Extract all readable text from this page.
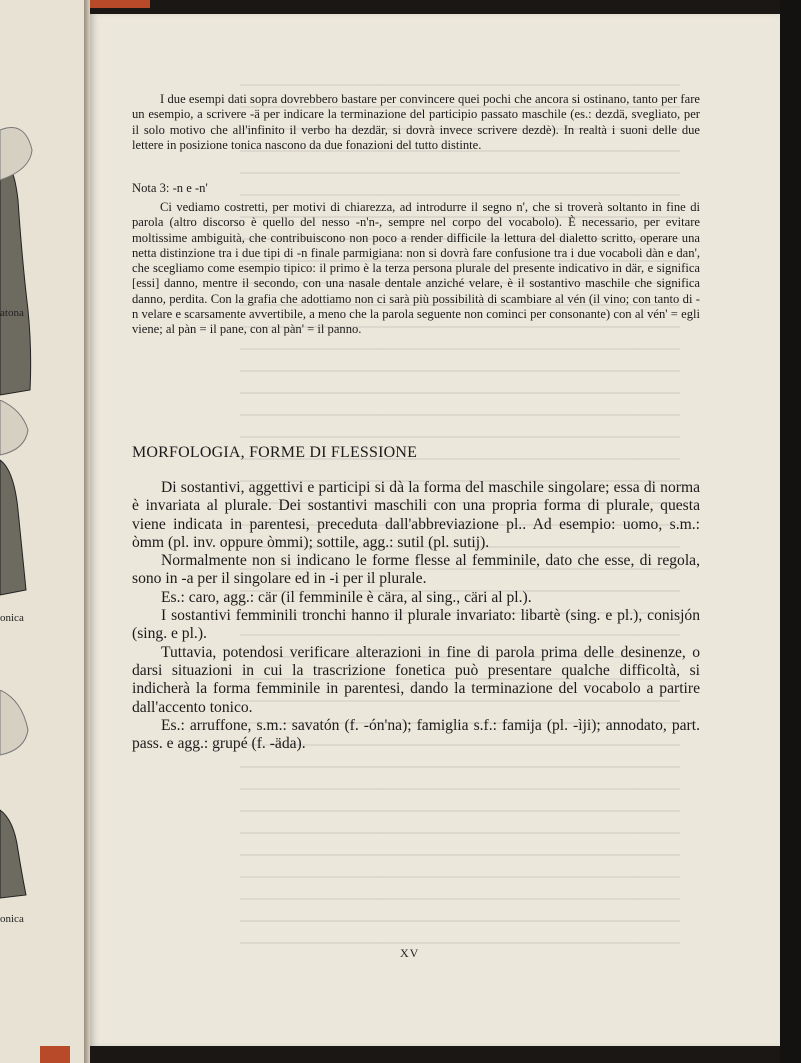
atona
onica
onica
I due esempi dati sopra dovrebbero bastare per convincere quei pochi che ancora si ostinano, tanto per fare un esempio, a scrivere -ä per indicare la terminazione del participio passato maschile (es.: dezdä, svegliato, per il solo motivo che all'infinito il verbo ha dezdär, si dovrà invece scrivere dezdè). In realtà i suoni delle due lettere in posizione tonica nascono da due fonazioni del tutto distinte.
Nota 3: -n e -n'
Ci vediamo costretti, per motivi di chiarezza, ad introdurre il segno n', che si troverà soltanto in fine di parola (altro discorso è quello del nesso -n'n-, sempre nel corpo del vocabolo). È necessario, per evitare moltissime ambiguità, che contribuiscono non poco a render difficile la lettura del dialetto scritto, operare una netta distinzione tra i due tipi di -n finale parmigiana: non si dovrà fare confusione tra i due vocaboli dàn e dan', che scegliamo come esempio tipico: il primo è la terza persona plurale del presente indicativo in där, e significa [essi] danno, mentre il secondo, con una nasale dentale anziché velare, è il sostantivo maschile che significa danno, perdita. Con la grafia che adottiamo non ci sarà più possibilità di scambiare al vén (il vino; con tanto di -n velare e scarsamente avvertibile, a meno che la parola seguente non cominci per consonante) con al vén' = egli viene; al pàn = il pane, con al pàn' = il panno.
MORFOLOGIA, FORME DI FLESSIONE

Di sostantivi, aggettivi e participi si dà la forma del maschile singolare; essa di norma è invariata al plurale. Dei sostantivi maschili con una propria forma di plurale, questa viene indicata in parentesi, preceduta dall'abbreviazione pl.. Ad esempio: uomo, s.m.: òmm (pl. inv. oppure òmmi); sottile, agg.: sutil (pl. sutij).

Normalmente non si indicano le forme flesse al femminile, dato che esse, di regola, sono in -a per il singolare ed in -i per il plurale.

Es.: caro, agg.: cär (il femminile è cära, al sing., cäri al pl.).

I sostantivi femminili tronchi hanno il plurale invariato: libartè (sing. e pl.), conisjón (sing. e pl.).

Tuttavia, potendosi verificare alterazioni in fine di parola prima delle desinenze, o darsi situazioni in cui la trascrizione fonetica può presentare qualche difficoltà, si indicherà la forma femminile in parentesi, dando la terminazione del vocabolo a partire dall'accento tonico.

Es.: arruffone, s.m.: savatón (f. -ón'na); famiglia s.f.: famija (pl. -ìji); annodato, part. pass. e agg.: grupé (f. -äda).

XV
